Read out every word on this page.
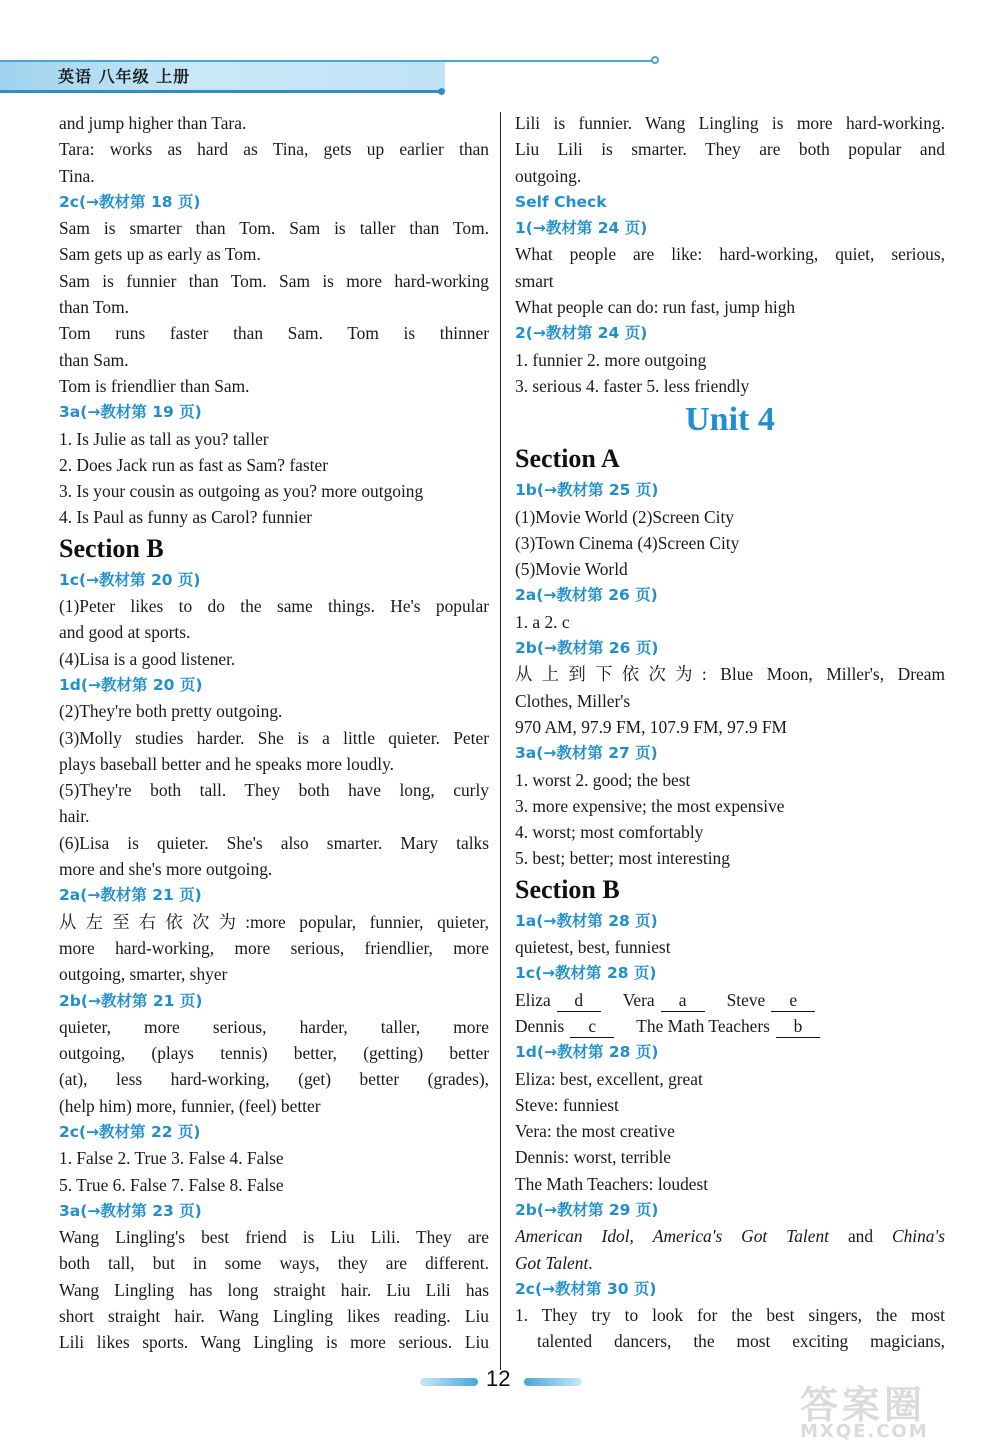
英语 八年级 上册
and jump higher than Tara.
Tara: works as hard as Tina, gets up earlier than
Tina.
2c(→教材第 18 页)
Sam is smarter than Tom. Sam is taller than Tom.
Sam gets up as early as Tom.
Sam is funnier than Tom. Sam is more hard-working
than Tom.
Tom runs faster than Sam. Tom is thinner
than Sam.
Tom is friendlier than Sam.
3a(→教材第 19 页)
1. Is Julie as tall as you? taller
2. Does Jack run as fast as Sam? faster
3. Is your cousin as outgoing as you? more outgoing
4. Is Paul as funny as Carol? funnier
Section B
1c(→教材第 20 页)
(1)Peter likes to do the same things. He's popular
and good at sports.
(4)Lisa is a good listener.
1d(→教材第 20 页)
(2)They're both pretty outgoing.
(3)Molly studies harder. She is a little quieter. Peter
plays baseball better and he speaks more loudly.
(5)They're both tall. They both have long, curly
hair.
(6)Lisa is quieter. She's also smarter. Mary talks
more and she's more outgoing.
2a(→教材第 21 页)
从左至右依次为:more popular, funnier, quieter,
more hard-working, more serious, friendlier, more
outgoing, smarter, shyer
2b(→教材第 21 页)
quieter, more serious, harder, taller, more
outgoing, (plays tennis) better, (getting) better
(at), less hard-working, (get) better (grades),
(help him) more, funnier, (feel) better
2c(→教材第 22 页)
1. False 2. True 3. False 4. False
5. True 6. False 7. False 8. False
3a(→教材第 23 页)
Wang Lingling's best friend is Liu Lili. They are
both tall, but in some ways, they are different.
Wang Lingling has long straight hair. Liu Lili has
short straight hair. Wang Lingling likes reading. Liu
Lili likes sports. Wang Lingling is more serious. Liu
Lili is funnier. Wang Lingling is more hard-working.
Liu Lili is smarter. They are both popular and
outgoing.
Self Check
1(→教材第 24 页)
What people are like: hard-working, quiet, serious,
smart
What people can do: run fast, jump high
2(→教材第 24 页)
1. funnier 2. more outgoing
3. serious 4. faster 5. less friendly
Unit 4
Section A
1b(→教材第 25 页)
(1)Movie World (2)Screen City
(3)Town Cinema (4)Screen City
(5)Movie World
2a(→教材第 26 页)
1. a 2. c
2b(→教材第 26 页)
从上到下依次为: Blue Moon, Miller's, Dream
Clothes, Miller's
970 AM, 97.9 FM, 107.9 FM, 97.9 FM
3a(→教材第 27 页)
1. worst 2. good; the best
3. more expensive; the most expensive
4. worst; most comfortably
5. best; better; most interesting
Section B
1a(→教材第 28 页)
quietest, best, funniest
1c(→教材第 28 页)
Eliza d Vera a Steve e
Dennis c The Math Teachers b
1d(→教材第 28 页)
Eliza: best, excellent, great
Steve: funniest
Vera: the most creative
Dennis: worst, terrible
The Math Teachers: loudest
2b(→教材第 29 页)
American Idol, America's Got Talent and China's
Got Talent.
2c(→教材第 30 页)
1. They try to look for the best singers, the most
talented dancers, the most exciting magicians,
12
答案圈
MXQE.COM
